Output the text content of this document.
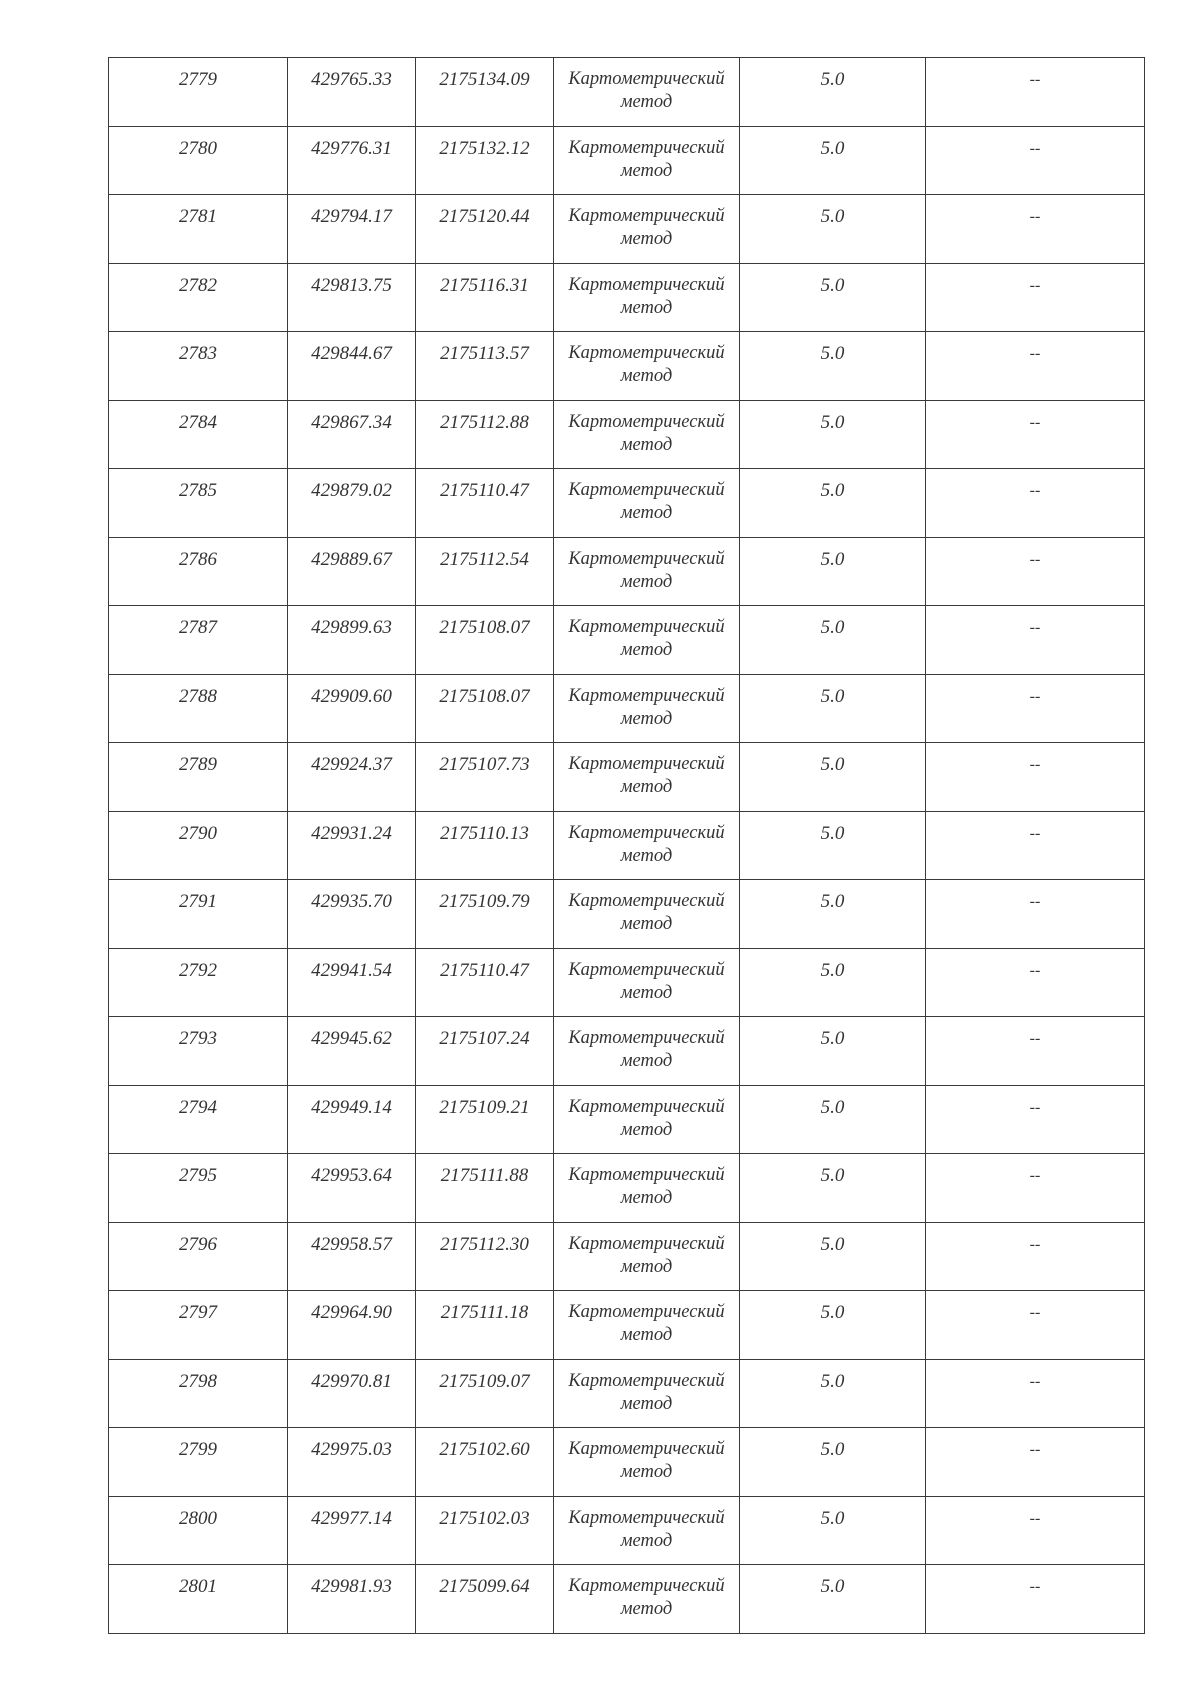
2779	429765.33	2175134.09	Картометрический метод	5.0	--

2780	429776.31	2175132.12	Картометрический метод	5.0	--

2781	429794.17	2175120.44	Картометрический метод	5.0	--

2782	429813.75	2175116.31	Картометрический метод	5.0	--

2783	429844.67	2175113.57	Картометрический метод	5.0	--

2784	429867.34	2175112.88	Картометрический метод	5.0	--

2785	429879.02	2175110.47	Картометрический метод	5.0	--

2786	429889.67	2175112.54	Картометрический метод	5.0	--

2787	429899.63	2175108.07	Картометрический метод	5.0	--

2788	429909.60	2175108.07	Картометрический метод	5.0	--

2789	429924.37	2175107.73	Картометрический метод	5.0	--

2790	429931.24	2175110.13	Картометрический метод	5.0	--

2791	429935.70	2175109.79	Картометрический метод	5.0	--

2792	429941.54	2175110.47	Картометрический метод	5.0	--

2793	429945.62	2175107.24	Картометрический метод	5.0	--

2794	429949.14	2175109.21	Картометрический метод	5.0	--

2795	429953.64	2175111.88	Картометрический метод	5.0	--

2796	429958.57	2175112.30	Картометрический метод	5.0	--

2797	429964.90	2175111.18	Картометрический метод	5.0	--

2798	429970.81	2175109.07	Картометрический метод	5.0	--

2799	429975.03	2175102.60	Картометрический метод	5.0	--

2800	429977.14	2175102.03	Картометрический метод	5.0	--

2801	429981.93	2175099.64	Картометрический метод	5.0	--
